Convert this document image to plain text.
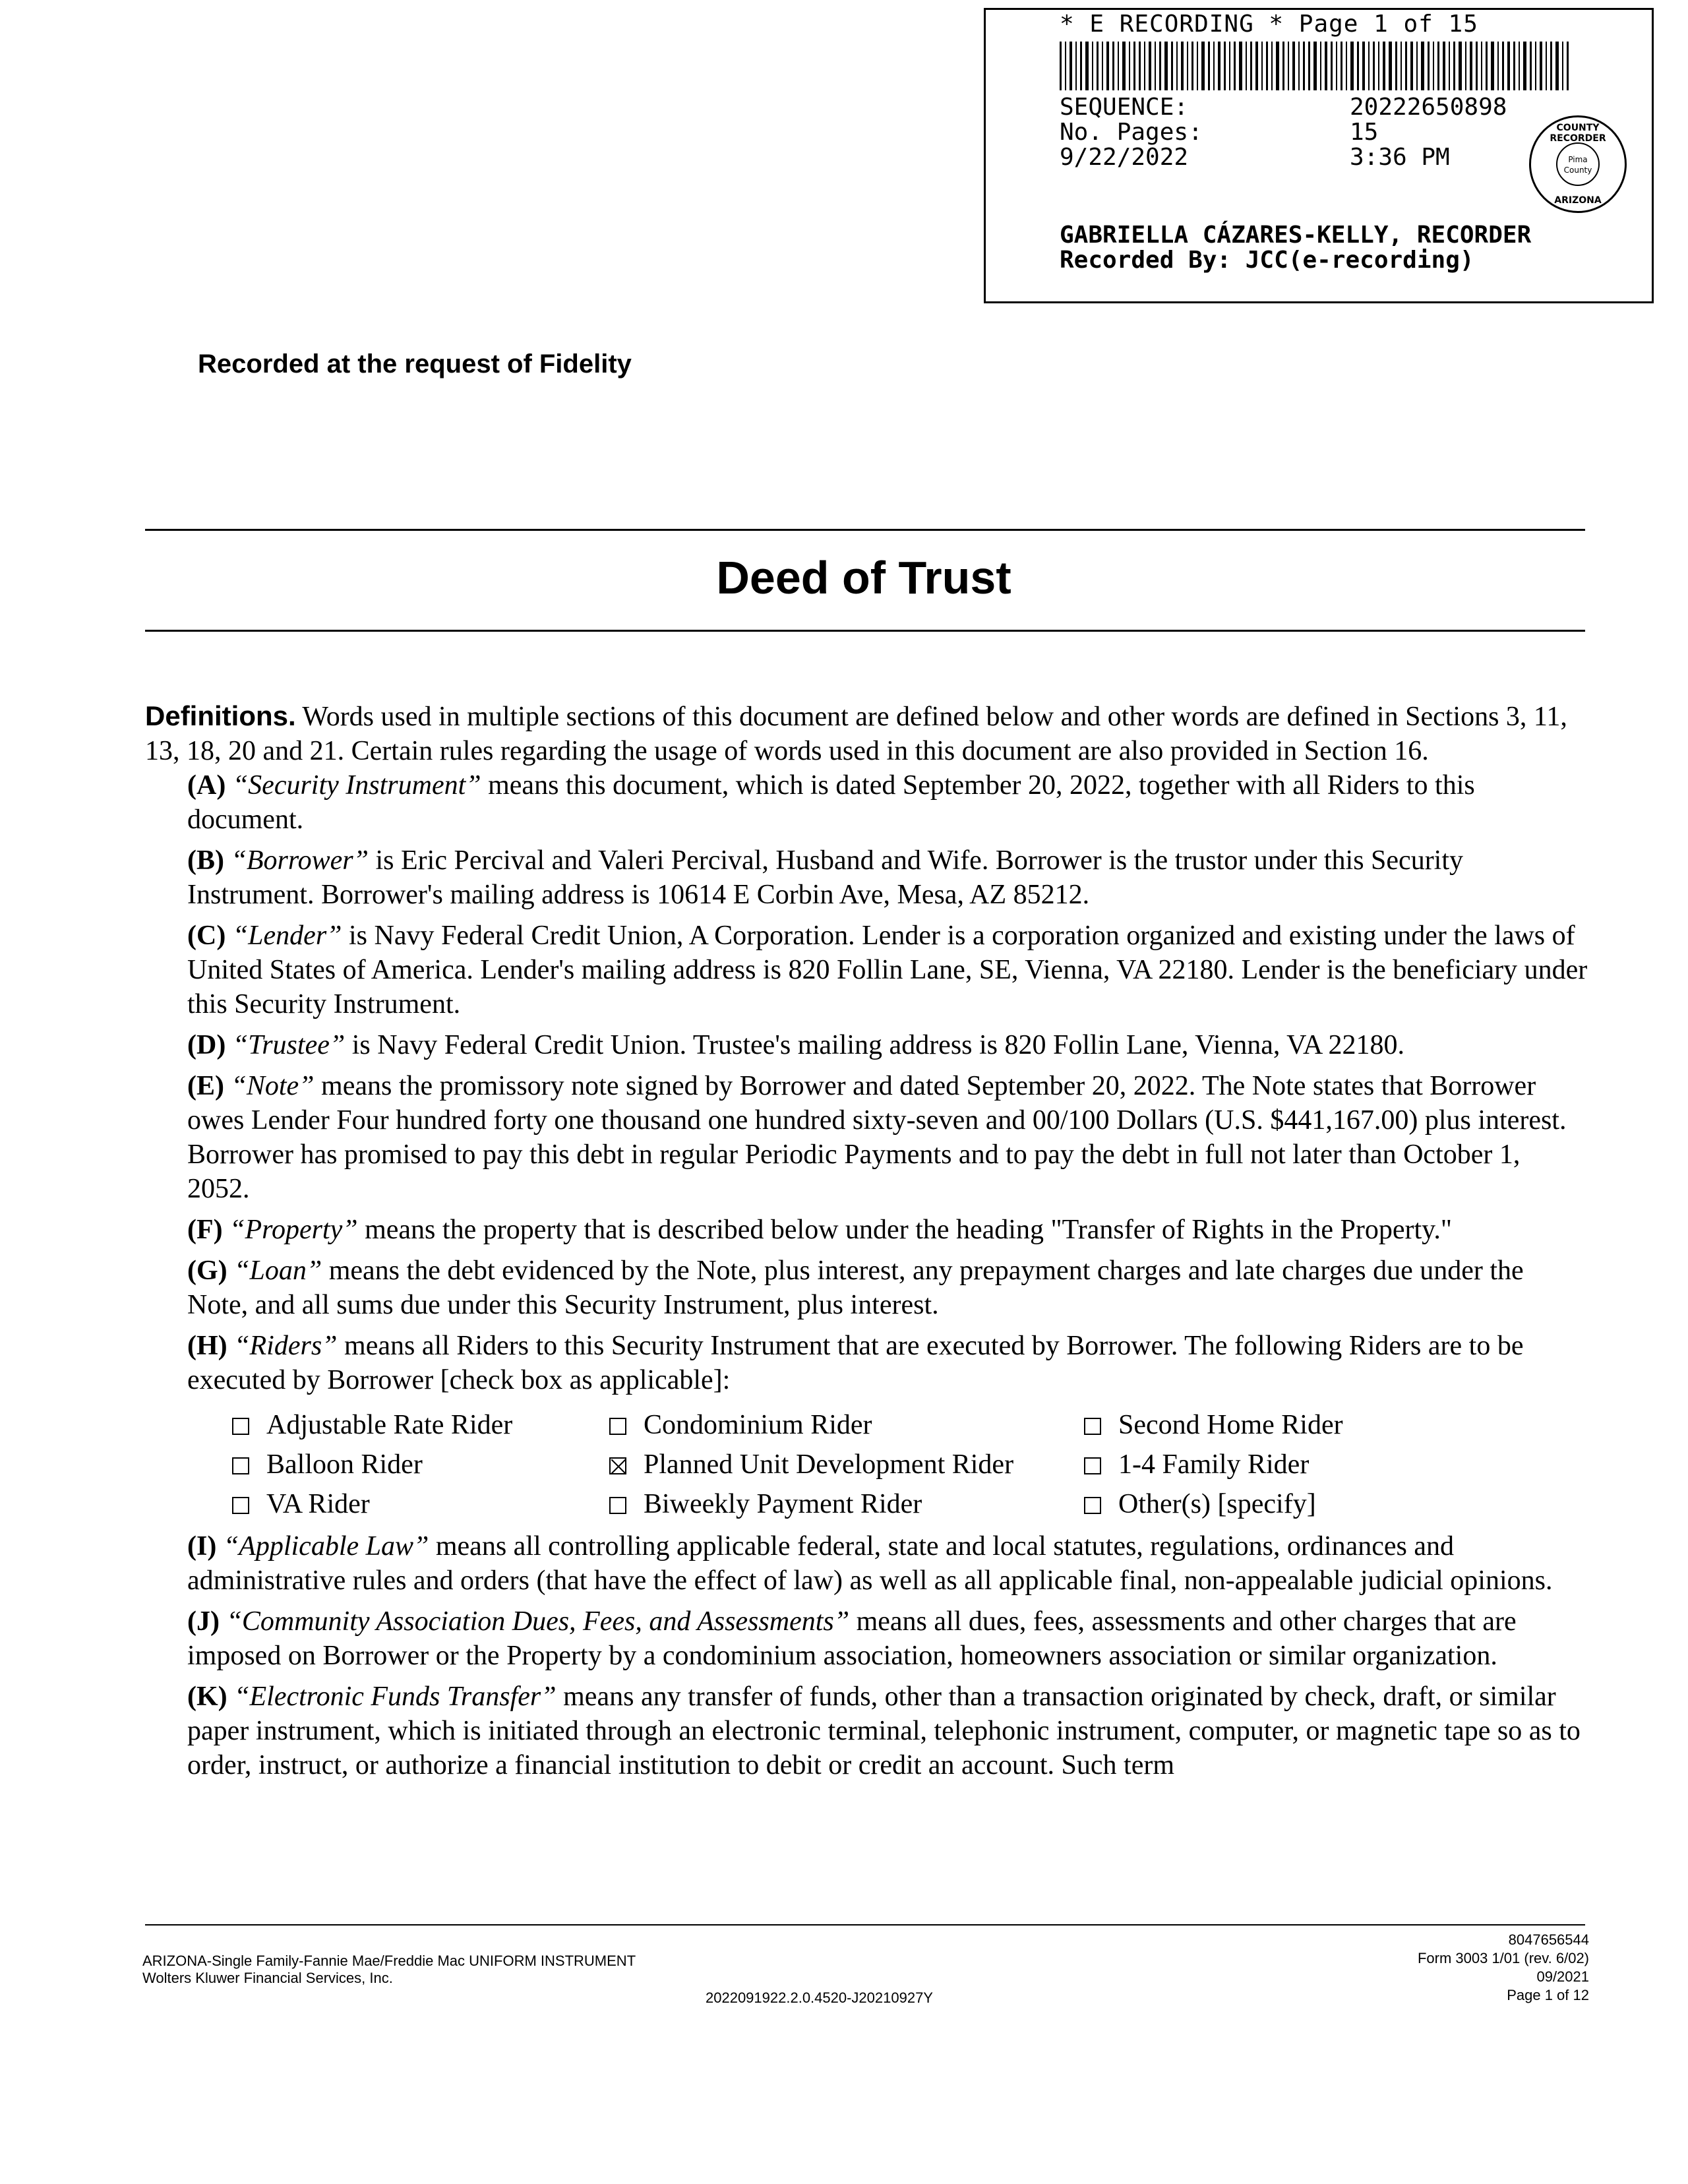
* E RECORDING * Page 1 of 15
SEQUENCE:	20222650898
No. Pages:	15
9/22/2022	3:36 PM
COUNTY RECORDER
Pima County
ARIZONA
GABRIELLA CÁZARES-KELLY, RECORDER
Recorded By: JCC(e-recording)
Recorded at the request of Fidelity
Deed of Trust

Definitions. Words used in multiple sections of this document are defined below and other words are defined in Sections 3, 11, 13, 18, 20 and 21. Certain rules regarding the usage of words used in this document are also provided in Section 16.

(A) “Security Instrument” means this document, which is dated September 20, 2022, together with all Riders to this document.

(B) “Borrower” is Eric Percival and Valeri Percival, Husband and Wife. Borrower is the trustor under this Security Instrument. Borrower's mailing address is 10614 E Corbin Ave, Mesa, AZ 85212.

(C) “Lender” is Navy Federal Credit Union, A Corporation. Lender is a corporation organized and existing under the laws of United States of America. Lender's mailing address is 820 Follin Lane, SE, Vienna, VA 22180. Lender is the beneficiary under this Security Instrument.

(D) “Trustee” is Navy Federal Credit Union. Trustee's mailing address is 820 Follin Lane, Vienna, VA 22180.

(E) “Note” means the promissory note signed by Borrower and dated September 20, 2022. The Note states that Borrower owes Lender Four hundred forty one thousand one hundred sixty-seven and 00/100 Dollars (U.S. $441,167.00) plus interest. Borrower has promised to pay this debt in regular Periodic Payments and to pay the debt in full not later than October 1, 2052.

(F) “Property” means the property that is described below under the heading "Transfer of Rights in the Property."

(G) “Loan” means the debt evidenced by the Note, plus interest, any prepayment charges and late charges due under the Note, and all sums due under this Security Instrument, plus interest.

(H) “Riders” means all Riders to this Security Instrument that are executed by Borrower. The following Riders are to be executed by Borrower [check box as applicable]:

Adjustable Rate Rider	Condominium Rider	Second Home Rider
Balloon Rider	Planned Unit Development Rider	1-4 Family Rider
VA Rider	Biweekly Payment Rider	Other(s) [specify]

(I) “Applicable Law” means all controlling applicable federal, state and local statutes, regulations, ordinances and administrative rules and orders (that have the effect of law) as well as all applicable final, non-appealable judicial opinions.

(J) “Community Association Dues, Fees, and Assessments” means all dues, fees, assessments and other charges that are imposed on Borrower or the Property by a condominium association, homeowners association or similar organization.

(K) “Electronic Funds Transfer” means any transfer of funds, other than a transaction originated by check, draft, or similar paper instrument, which is initiated through an electronic terminal, telephonic instrument, computer, or magnetic tape so as to order, instruct, or authorize a financial institution to debit or credit an account. Such term

ARIZONA-Single Family-Fannie Mae/Freddie Mac UNIFORM INSTRUMENT
Wolters Kluwer Financial Services, Inc.
2022091922.2.0.4520-J20210927Y
8047656544
Form 3003 1/01 (rev. 6/02)
09/2021
Page 1 of 12
